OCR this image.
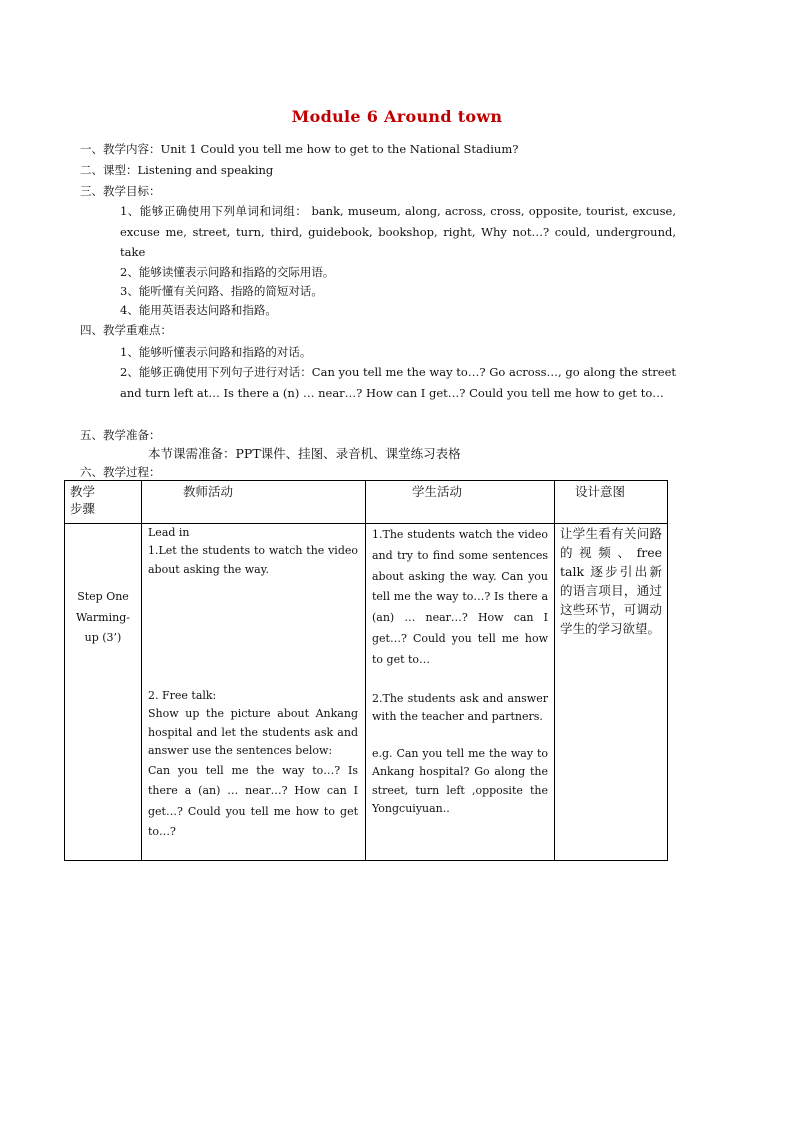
Module 6 Around town
一、教学内容：Unit 1 Could you tell me how to get to the National Stadium?
二、课型：Listening and speaking
三、教学目标：
1、能够正确使用下列单词和词组： bank, museum, along, across, cross, opposite, tourist, excuse, excuse me, street, turn, third, guidebook, bookshop, right, Why not…? could, underground, take
2、能够读懂表示问路和指路的交际用语。
3、能听懂有关问路、指路的简短对话。
4、能用英语表达问路和指路。
四、教学重难点：
1、能够听懂表示问路和指路的对话。
2、能够正确使用下列句子进行对话：Can you tell me the way to…? Go across…, go along the street and turn left at… Is there a (n) … near…? How can I get…? Could you tell me how to get to…
五、教学准备：
本节课需准备：PPT课件、挂图、录音机、课堂练习表格
六、教学过程：
教学步骤
教师活动	学生活动	设计意图
Step One Warming-up (3’)

Lead in

1.Let the students to watch the video about asking the way.

2. Free talk:

Show up the picture about Ankang hospital and let the students ask and answer use the sentences below:

Can you tell me the way to…? Is there a (an) … near…? How can I get…? Could you tell me how to get to…?

1.The students watch the video and try to find some sentences about asking the way. Can you tell me the way to…? Is there a (an) … near…? How can I get…? Could you tell me how to get to…
2.The students ask and answer with the teacher and partners.
e.g. Can you tell me the way to Ankang hospital? Go along the street, turn left ,opposite the Yongcuiyuan..
让学生看有关问路的视频、free talk 逐步引出新的语言项目，通过这些环节，可调动学生的学习欲望。
